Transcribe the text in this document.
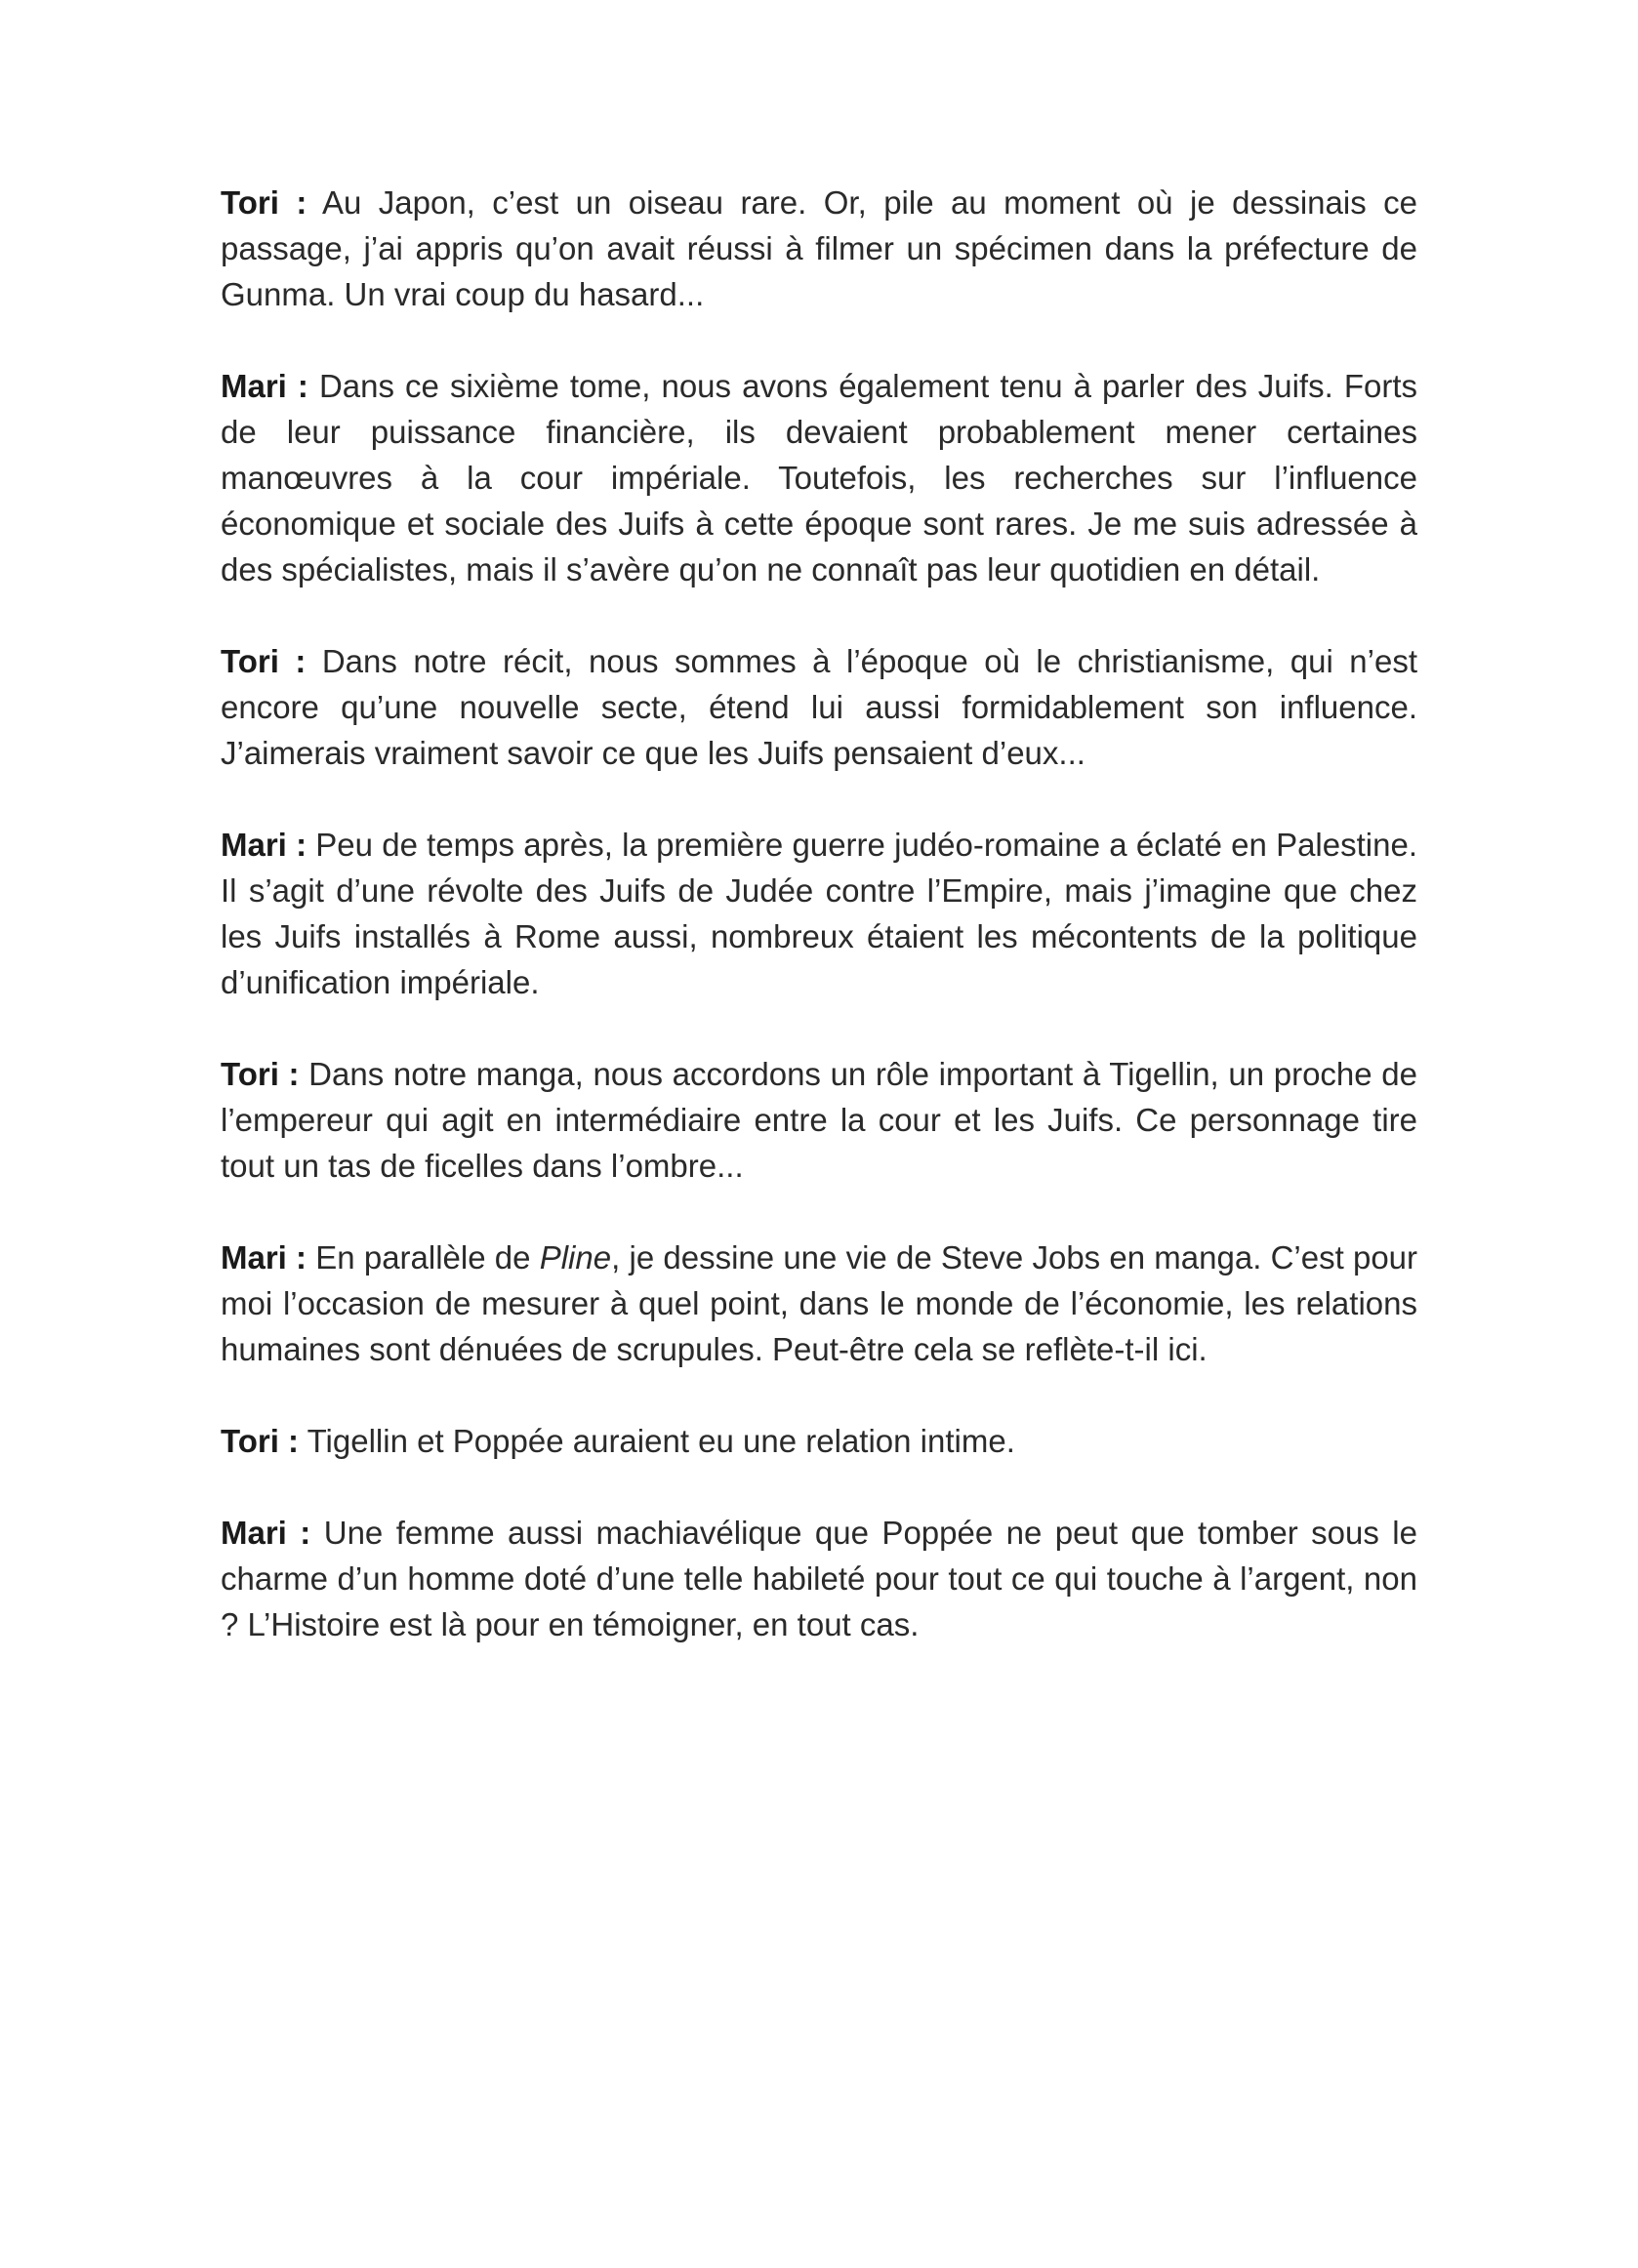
Tori : Au Japon, c’est un oiseau rare. Or, pile au moment où je dessinais ce passage, j’ai appris qu’on avait réussi à filmer un spécimen dans la préfecture de Gunma. Un vrai coup du hasard...

Mari : Dans ce sixième tome, nous avons également tenu à parler des Juifs. Forts de leur puissance financière, ils devaient probablement mener certaines manœuvres à la cour impériale. Toutefois, les recherches sur l’influence économique et sociale des Juifs à cette époque sont rares. Je me suis adressée à des spécialistes, mais il s’avère qu’on ne connaît pas leur quotidien en détail.

Tori : Dans notre récit, nous sommes à l’époque où le christianisme, qui n’est encore qu’une nouvelle secte, étend lui aussi formidablement son influence. J’aimerais vraiment savoir ce que les Juifs pensaient d’eux...

Mari : Peu de temps après, la première guerre judéo-romaine a éclaté en Palestine. Il s’agit d’une révolte des Juifs de Judée contre l’Empire, mais j’imagine que chez les Juifs installés à Rome aussi, nombreux étaient les mécontents de la politique d’unification impériale.

Tori : Dans notre manga, nous accordons un rôle important à Tigellin, un proche de l’empereur qui agit en intermédiaire entre la cour et les Juifs. Ce personnage tire tout un tas de ficelles dans l’ombre...

Mari : En parallèle de Pline, je dessine une vie de Steve Jobs en manga. C’est pour moi l’occasion de mesurer à quel point, dans le monde de l’économie, les relations humaines sont dénuées de scrupules. Peut-être cela se reflète-t-il ici.

Tori : Tigellin et Poppée auraient eu une relation intime.

Mari : Une femme aussi machiavélique que Poppée ne peut que tomber sous le charme d’un homme doté d’une telle habileté pour tout ce qui touche à l’argent, non ? L’Histoire est là pour en témoigner, en tout cas.
